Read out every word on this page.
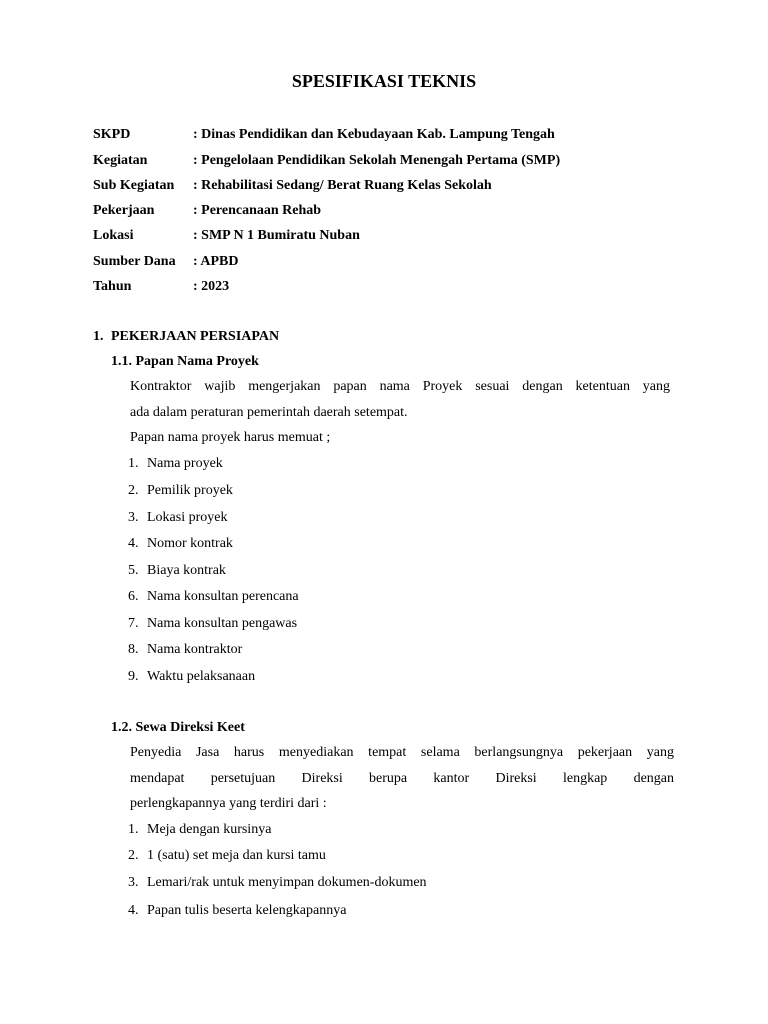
SPESIFIKASI TEKNIS
SKPD	: Dinas Pendidikan dan Kebudayaan Kab. Lampung Tengah
Kegiatan	: Pengelolaan Pendidikan Sekolah Menengah Pertama (SMP)
Sub Kegiatan : Rehabilitasi Sedang/ Berat Ruang Kelas Sekolah
Pekerjaan	: Perencanaan Rehab
Lokasi	: SMP N 1 Bumiratu Nuban
Sumber Dana : APBD
Tahun	: 2023
1. PEKERJAAN PERSIAPAN
1.1. Papan Nama Proyek
Kontraktor wajib mengerjakan papan nama Proyek sesuai dengan ketentuan yang
ada dalam peraturan pemerintah daerah setempat.
Papan nama proyek harus memuat ;
1. Nama proyek
2. Pemilik proyek
3. Lokasi proyek
4. Nomor kontrak
5. Biaya kontrak
6. Nama konsultan perencana
7. Nama konsultan pengawas
8. Nama kontraktor
9. Waktu pelaksanaan
1.2. Sewa Direksi Keet
Penyedia Jasa harus menyediakan tempat selama berlangsungnya pekerjaan yang
mendapat persetujuan Direksi berupa kantor Direksi lengkap dengan
perlengkapannya yang terdiri dari :
1. Meja dengan kursinya
2. 1 (satu) set meja dan kursi tamu
3. Lemari/rak untuk menyimpan dokumen-dokumen
4. Papan tulis beserta kelengkapannya
